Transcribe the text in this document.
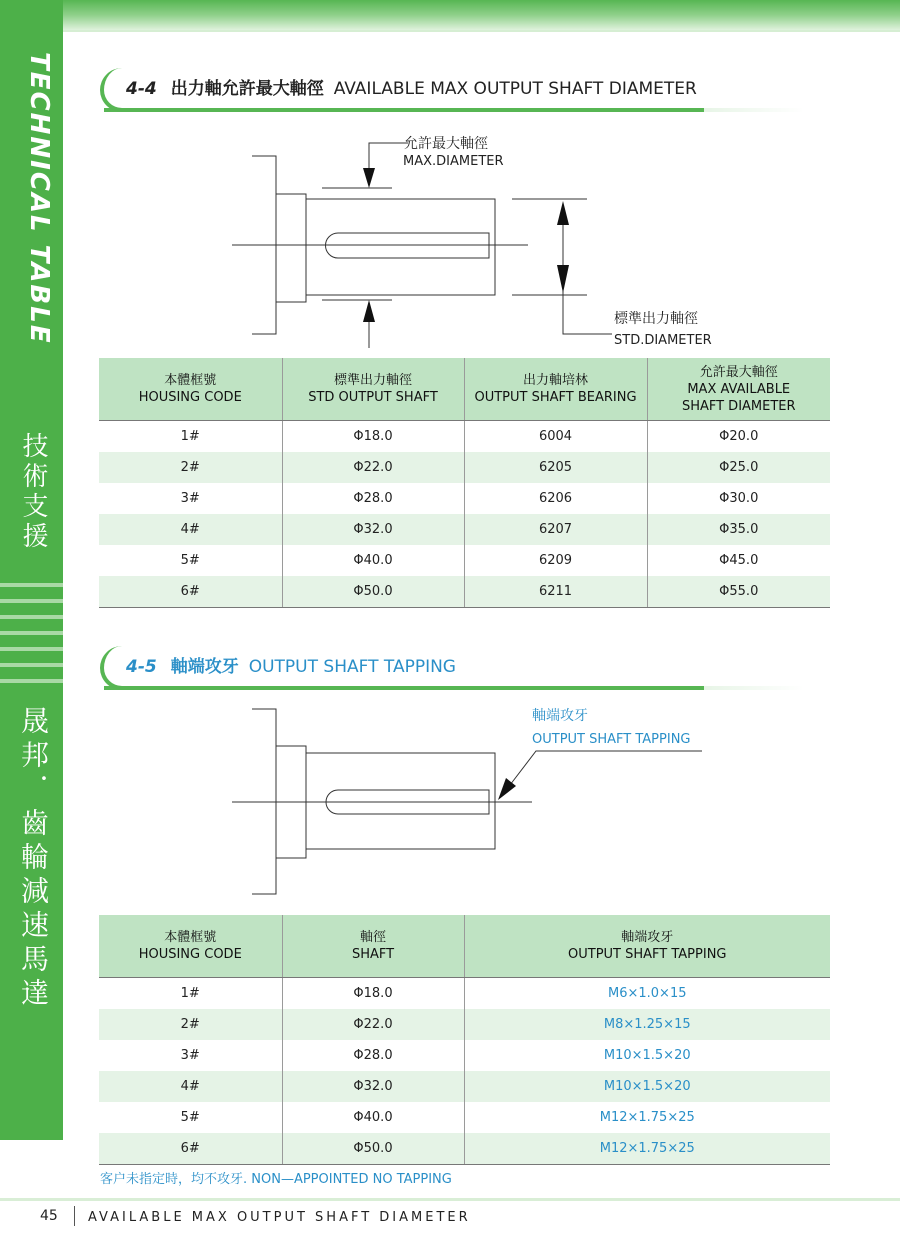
TECHNICAL TABLE
技術支援
晟邦．齒輪減速馬達
4-4 出力軸允許最大軸徑 AVAILABLE MAX OUTPUT SHAFT DIAMETER
允許最大軸徑
MAX.DIAMETER
標準出力軸徑
STD.DIAMETER
本體框號
HOUSING CODE	標準出力軸徑
STD OUTPUT SHAFT	出力軸培林
OUTPUT SHAFT BEARING	允許最大軸徑
MAX AVAILABLE
SHAFT DIAMETER
1#	Φ18.0	6004	Φ20.0
2#	Φ22.0	6205	Φ25.0
3#	Φ28.0	6206	Φ30.0
4#	Φ32.0	6207	Φ35.0
5#	Φ40.0	6209	Φ45.0
6#	Φ50.0	6211	Φ55.0
4-5 軸端攻牙 OUTPUT SHAFT TAPPING
軸端攻牙
OUTPUT SHAFT TAPPING
本體框號
HOUSING CODE	軸徑
SHAFT	軸端攻牙
OUTPUT SHAFT TAPPING
1#	Φ18.0	M6×1.0×15
2#	Φ22.0	M8×1.25×15
3#	Φ28.0	M10×1.5×20
4#	Φ32.0	M10×1.5×20
5#	Φ40.0	M12×1.75×25
6#	Φ50.0	M12×1.75×25
客户未指定時，均不攻牙. NON—APPOINTED NO TAPPING
45 AVAILABLE MAX OUTPUT SHAFT DIAMETER
